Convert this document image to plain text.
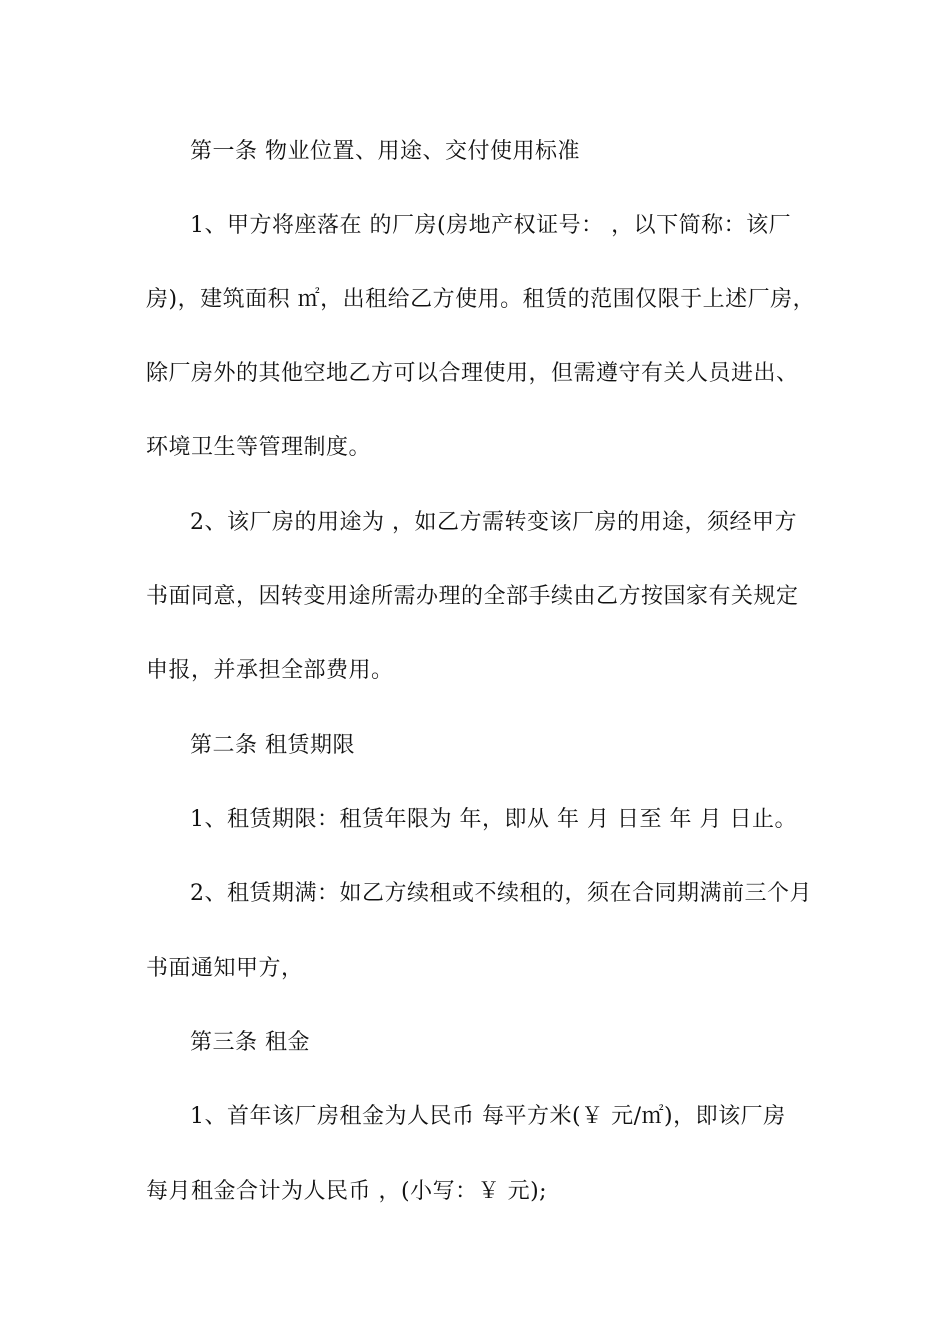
第一条 物业位置、用途、交付使用标准
1、甲方将座落在 的厂房(房地产权证号： ，以下简称：该厂
房)，建筑面积 ㎡，出租给乙方使用。租赁的范围仅限于上述厂房，
除厂房外的其他空地乙方可以合理使用，但需遵守有关人员进出、
环境卫生等管理制度。
2、该厂房的用途为 ，如乙方需转变该厂房的用途，须经甲方
书面同意，因转变用途所需办理的全部手续由乙方按国家有关规定
申报，并承担全部费用。
第二条 租赁期限
1、租赁期限：租赁年限为 年，即从 年 月 日至 年 月 日止。
2、租赁期满：如乙方续租或不续租的，须在合同期满前三个月
书面通知甲方，
第三条 租金
1、首年该厂房租金为人民币 每平方米(￥ 元/㎡)，即该厂房
每月租金合计为人民币 ，(小写：￥ 元);
